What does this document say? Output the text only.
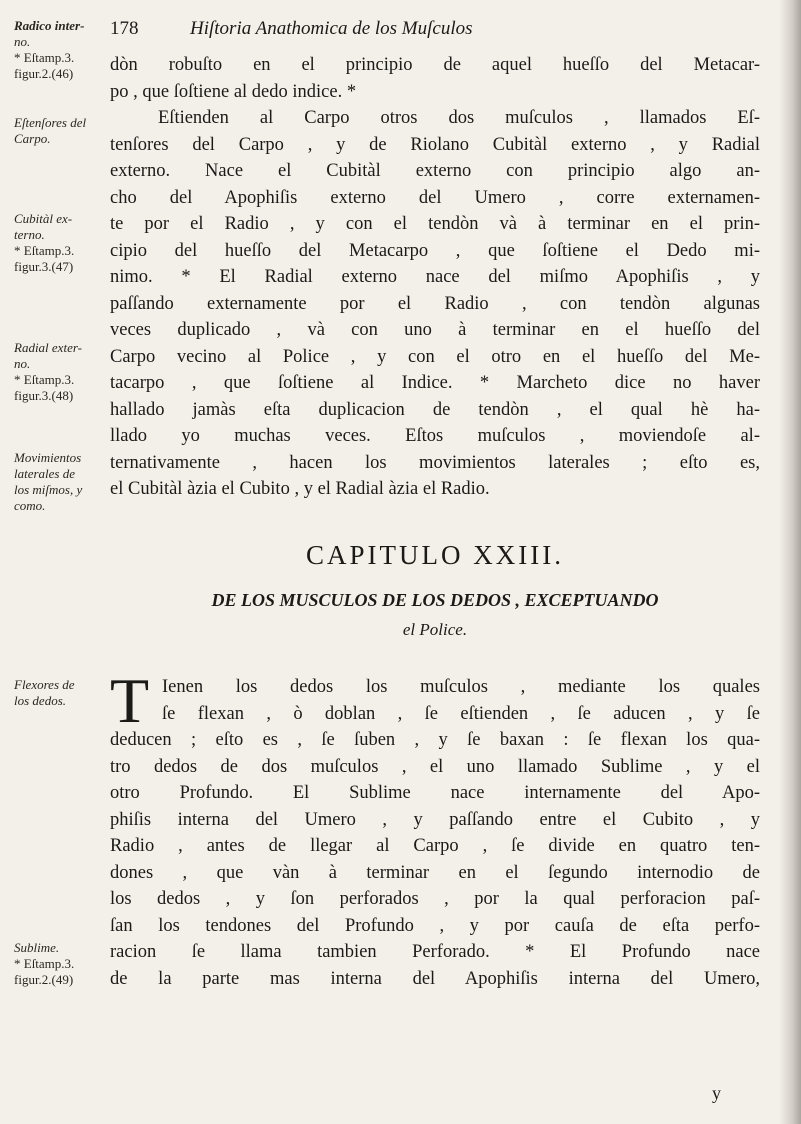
178	Hiſtoria Anathomica de los Muſculos
Radico inter-
no.
* Eſtamp.3.
figur.2.(46)
Eſtenſores del
Carpo.
Cubitàl ex-
terno.
* Eſtamp.3.
figur.3.(47)
Radial exter-
no.
* Eſtamp.3.
figur.3.(48)
Movimientos
laterales de
los miſmos, y
como.
Flexores de
los dedos.
Sublime.
* Eſtamp.3.
figur.2.(49)
dòn robuſto en el principio de aquel hueſſo del Metacar-
po , que ſoſtiene al dedo indice. *
Eſtienden al Carpo otros dos muſculos , llamados Eſ-
tenſores del Carpo , y de Riolano Cubitàl externo , y Radial
externo. Nace el Cubitàl externo con principio algo an-
cho del Apophiſis externo del Umero , corre externamen-
te por el Radio , y con el tendòn và à terminar en el prin-
cipio del hueſſo del Metacarpo , que ſoſtiene el Dedo mi-
nimo. * El Radial externo nace del miſmo Apophiſis , y
paſſando externamente por el Radio , con tendòn algunas
veces duplicado , và con uno à terminar en el hueſſo del
Carpo vecino al Police , y con el otro en el hueſſo del Me-
tacarpo , que ſoſtiene al Indice. * Marcheto dice no haver
hallado jamàs eſta duplicacion de tendòn , el qual hè ha-
llado yo muchas veces. Eſtos muſculos , moviendoſe al-
ternativamente , hacen los movimientos laterales ; eſto es,
el Cubitàl àzia el Cubito , y el Radial àzia el Radio.
CAPITULO XXIII.
DE LOS MUSCULOS DE LOS DEDOS , EXCEPTUANDO
el Police.
T Ienen los dedos los muſculos , mediante los quales
ſe flexan , ò doblan , ſe eſtienden , ſe aducen , y ſe
deducen ; eſto es , ſe ſuben , y ſe baxan : ſe flexan los qua-
tro dedos de dos muſculos , el uno llamado Sublime , y el
otro Profundo. El Sublime nace internamente del Apo-
phiſis interna del Umero , y paſſando entre el Cubito , y
Radio , antes de llegar al Carpo , ſe divide en quatro ten-
dones , que vàn à terminar en el ſegundo internodio de
los dedos , y ſon perforados , por la qual perforacion paſ-
ſan los tendones del Profundo , y por cauſa de eſta perfo-
racion ſe llama tambien Perforado. * El Profundo nace
de la parte mas interna del Apophiſis interna del Umero,
y
